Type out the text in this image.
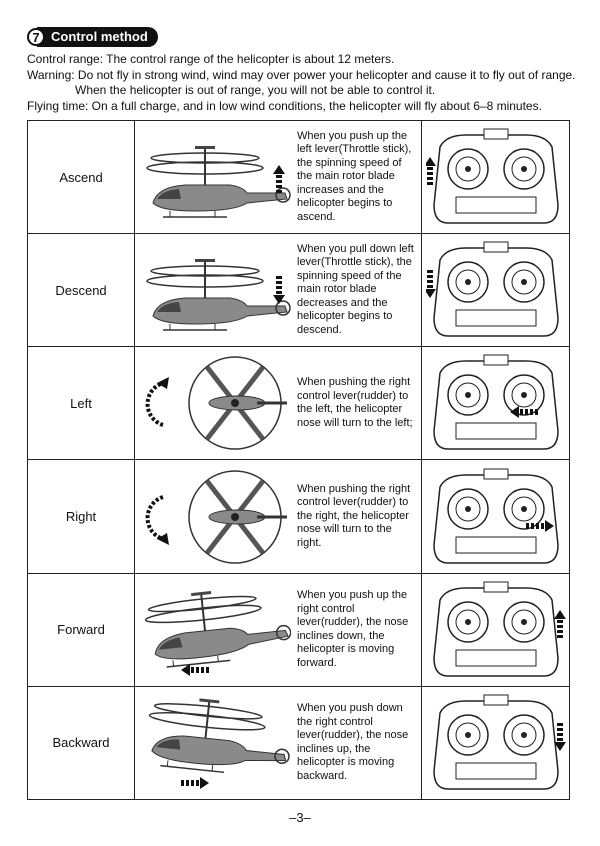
7 Control method

Control range: The control range of the helicopter is about 12 meters.

Warning: Do not fly in strong wind, wind may over power your helicopter and cause it to fly out of range.

When the helicopter is out of range, you will not be able to control it.

Flying time: On a full charge, and in low wind conditions, the helicopter will fly about 6–8 minutes.

Ascend	When you push up the left lever(Throttle stick), the spinning speed of the main rotor blade increases and the helicopter begins to ascend.

Descend	When you pull down left lever(Throttle stick), the spinning speed of the main rotor blade decreases and the helicopter begins to descend.

Left	When pushing the right control lever(rudder) to the left, the helicopter nose will turn to the left;

Right	When pushing the right control lever(rudder) to the right, the helicopter nose will turn to the right.

Forward	When you push up the right control lever(rudder), the nose inclines down, the helicopter is moving forward.

Backward	When you push down the right control lever(rudder), the nose inclines up, the helicopter is moving backward.

–3–
